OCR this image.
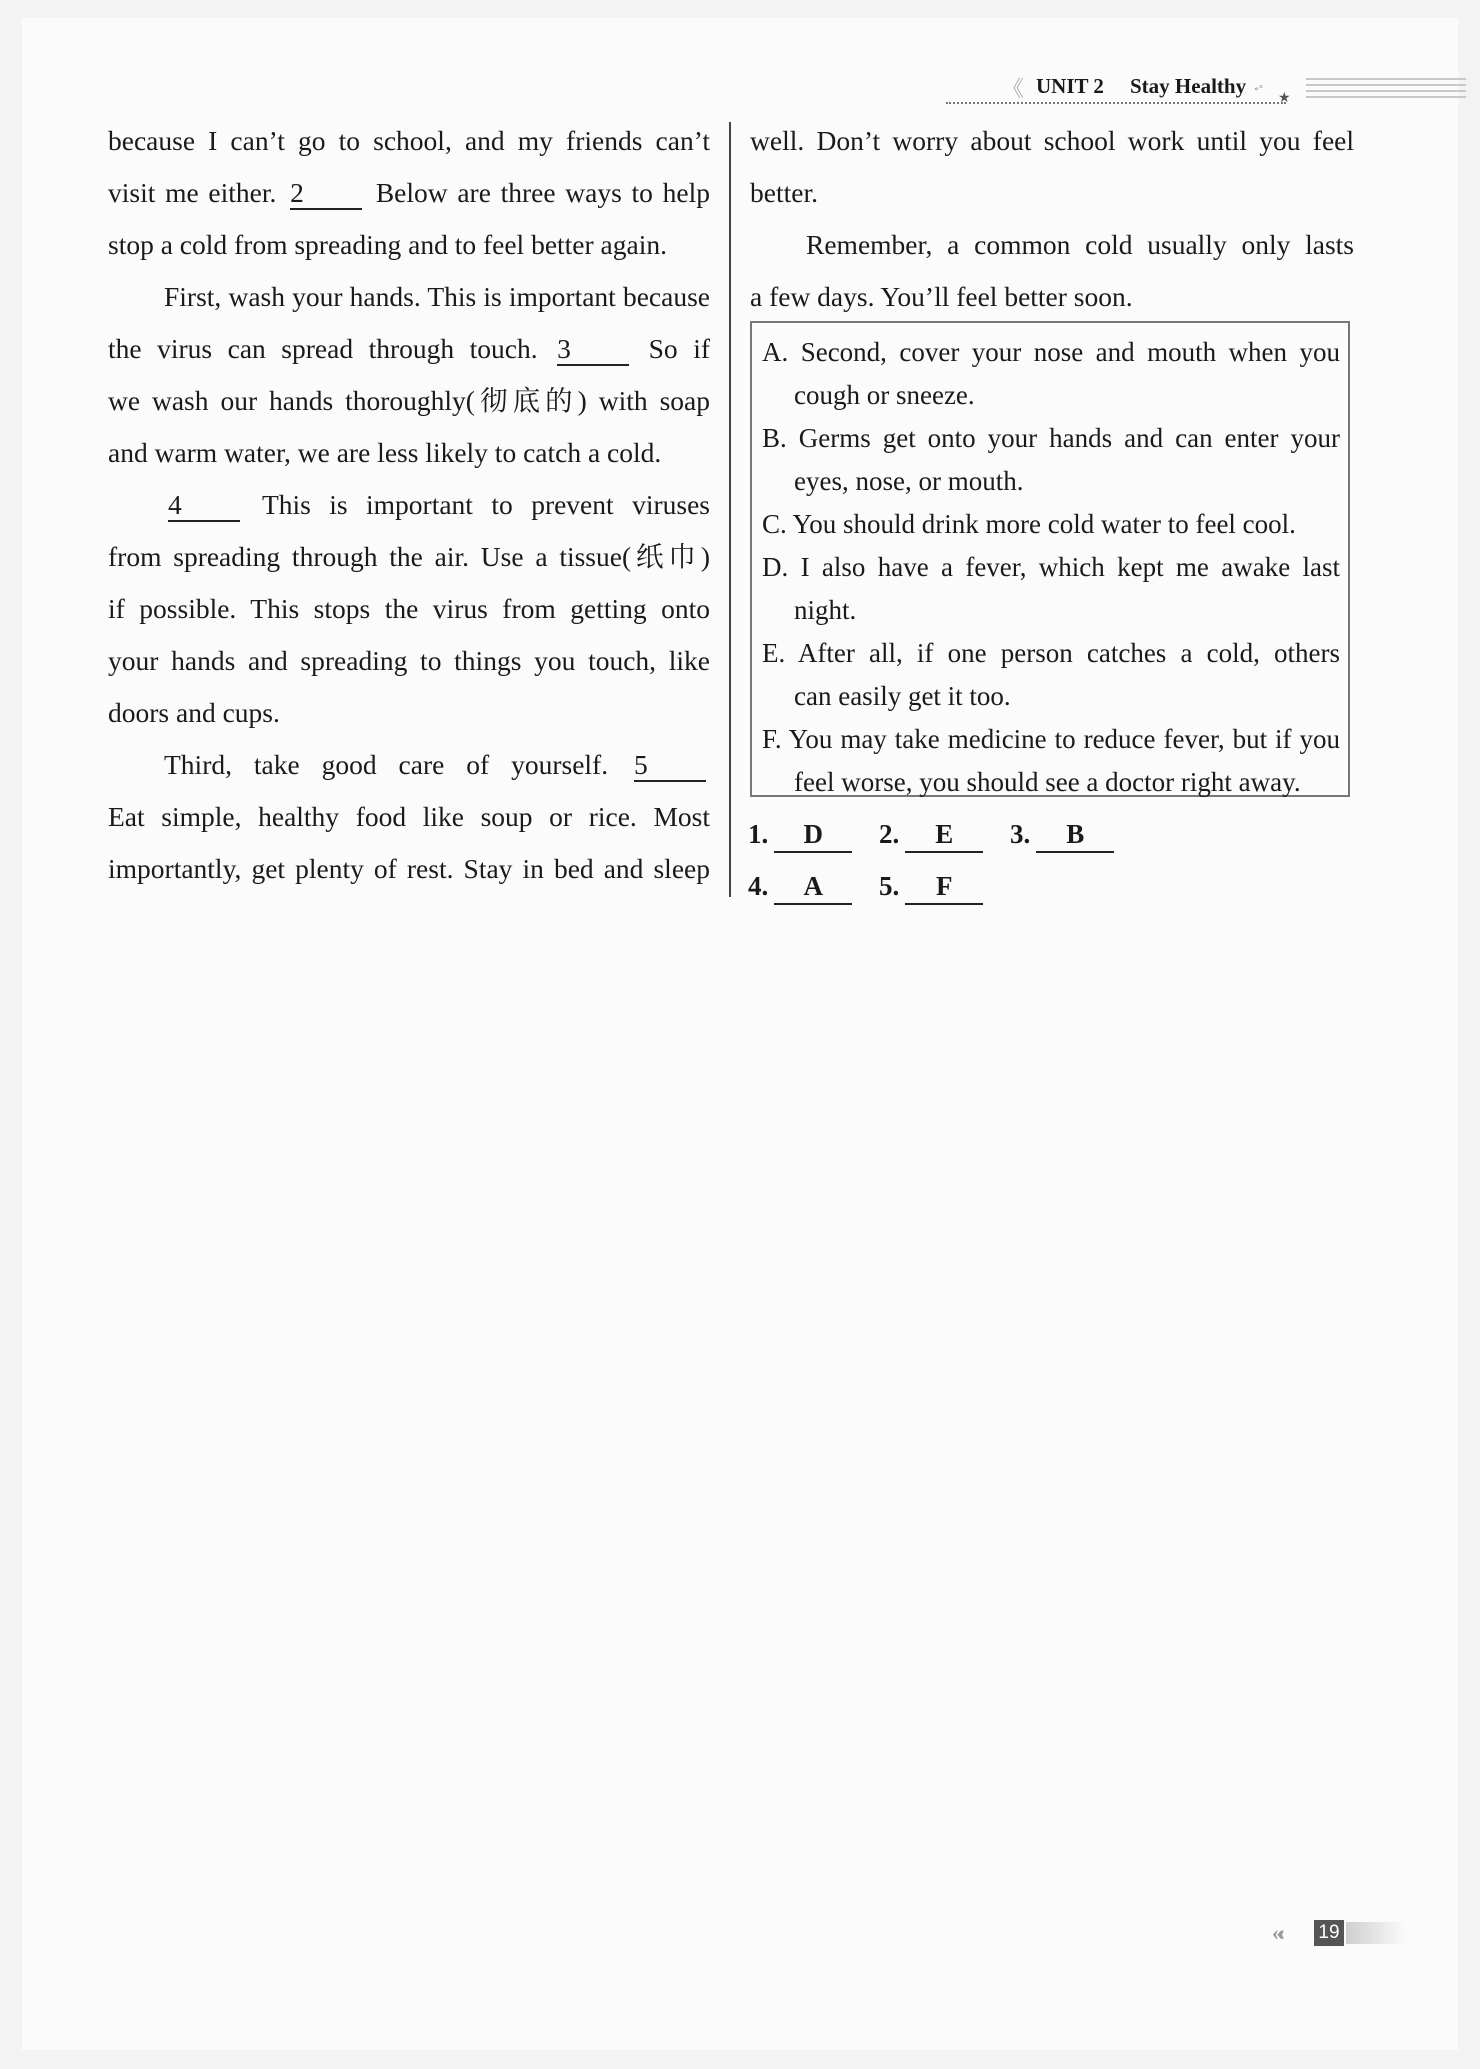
《 UNIT 2 Stay Healthy ∘°
★
because I can’t go to school, and my friends can’t
visit me either. 2	Below are three ways to help
stop a cold from spreading and to feel better again.
First, wash your hands. This is important because
the virus can spread through touch. 3	So if
we wash our hands thoroughly(彻底的) with soap
and warm water, we are less likely to catch a cold.
4	This is important to prevent viruses
from spreading through the air. Use a tissue(纸巾)
if possible. This stops the virus from getting onto
your hands and spreading to things you touch, like
doors and cups.
Third, take good care of yourself. 5
Eat simple, healthy food like soup or rice. Most
importantly, get plenty of rest. Stay in bed and sleep
well. Don’t worry about school work until you feel
better.
Remember, a common cold usually only lasts
a few days. You’ll feel better soon.
A. Second, cover your nose and mouth when you
cough or sneeze.
B. Germs get onto your hands and can enter your
eyes, nose, or mouth.
C. You should drink more cold water to feel cool.
D. I also have a fever, which kept me awake last
night.
E. After all, if one person catches a cold, others
can easily get it too.
F. You may take medicine to reduce fever, but if you
feel worse, you should see a doctor right away.
1. D 2. E 3. B
4. A 5. F
«‹ 19
